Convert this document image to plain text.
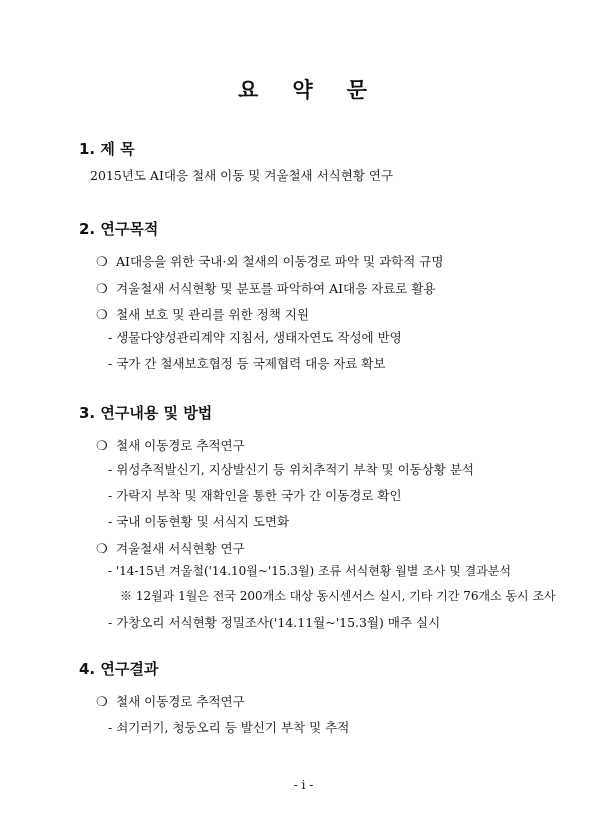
요 약 문
1. 제 목
2015년도 AI대응 철새 이동 및 겨울철새 서식현황 연구
2. 연구목적
❍ AI대응을 위한 국내·외 철새의 이동경로 파악 및 과학적 규명
❍ 겨울철새 서식현황 및 분포를 파악하여 AI대응 자료로 활용
❍ 철새 보호 및 관리를 위한 정책 지원
- 생물다양성관리계약 지침서, 생태자연도 작성에 반영
- 국가 간 철새보호협정 등 국제협력 대응 자료 확보
3. 연구내용 및 방법
❍ 철새 이동경로 추적연구
- 위성추적발신기, 지상발신기 등 위치추적기 부착 및 이동상황 분석
- 가락지 부착 및 재확인을 통한 국가 간 이동경로 확인
- 국내 이동현황 및 서식지 도면화
❍ 겨울철새 서식현황 연구
- '14-15년 겨울철('14.10월~'15.3월) 조류 서식현황 월별 조사 및 결과분석
※ 12월과 1월은 전국 200개소 대상 동시센서스 실시, 기타 기간 76개소 동시 조사
- 가창오리 서식현황 정밀조사('14.11월~'15.3월) 매주 실시
4. 연구결과
❍ 철새 이동경로 추적연구
- 쇠기러기, 청둥오리 등 발신기 부착 및 추적
- i -
